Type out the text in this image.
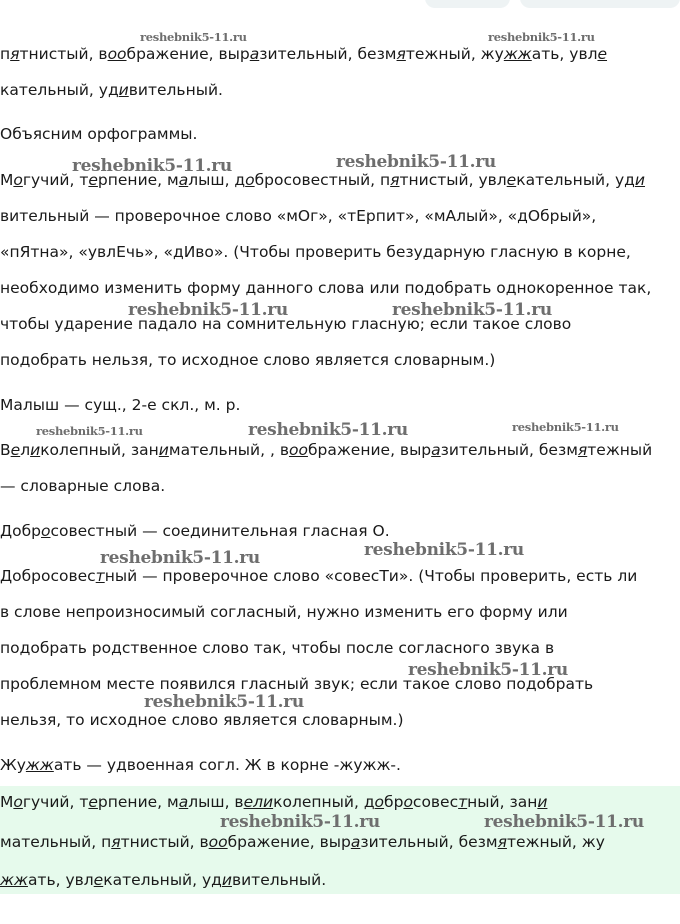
пятнистый, воображение, выразительный, безмятежный, жужжать, увле
кательный, удивительный.
Объясним орфограммы.
Могучий, терпение, малыш, добросовестный, пятнистый, увлекательный, уди
вительный — проверочное слово «мОг», «тЕрпит», «мАлый», «дОбрый»,
«пЯтна», «увлЕчь», «дИво». (Чтобы проверить безударную гласную в корне,
необходимо изменить форму данного слова или подобрать однокоренное так,
чтобы ударение падало на сомнительную гласную; если такое слово
подобрать нельзя, то исходное слово является словарным.)
Малыш — сущ., 2-е скл., м. р.
Великолепный, занимательный, , воображение, выразительный, безмятежный
— словарные слова.
Добросовестный — соединительная гласная О.
Добросовестный — проверочное слово «совесТи». (Чтобы проверить, есть ли
в слове непроизносимый согласный, нужно изменить его форму или
подобрать родственное слово так, чтобы после согласного звука в
проблемном месте появился гласный звук; если такое слово подобрать
нельзя, то исходное слово является словарным.)
Жужжать — удвоенная согл. Ж в корне -жужж-.
Могучий, терпение, малыш, великолепный, добросовестный, зани
мательный, пятнистый, воображение, выразительный, безмятежный, жу
жжать, увлекательный, удивительный.
reshebnik5-11.ru	reshebnik5-11.ru
reshebnik5-11.ru	reshebnik5-11.ru
reshebnik5-11.ru	reshebnik5-11.ru
reshebnik5-11.ru	reshebnik5-11.ru	reshebnik5-11.ru
reshebnik5-11.ru	reshebnik5-11.ru
reshebnik5-11.ru
reshebnik5-11.ru
reshebnik5-11.ru	reshebnik5-11.ru
